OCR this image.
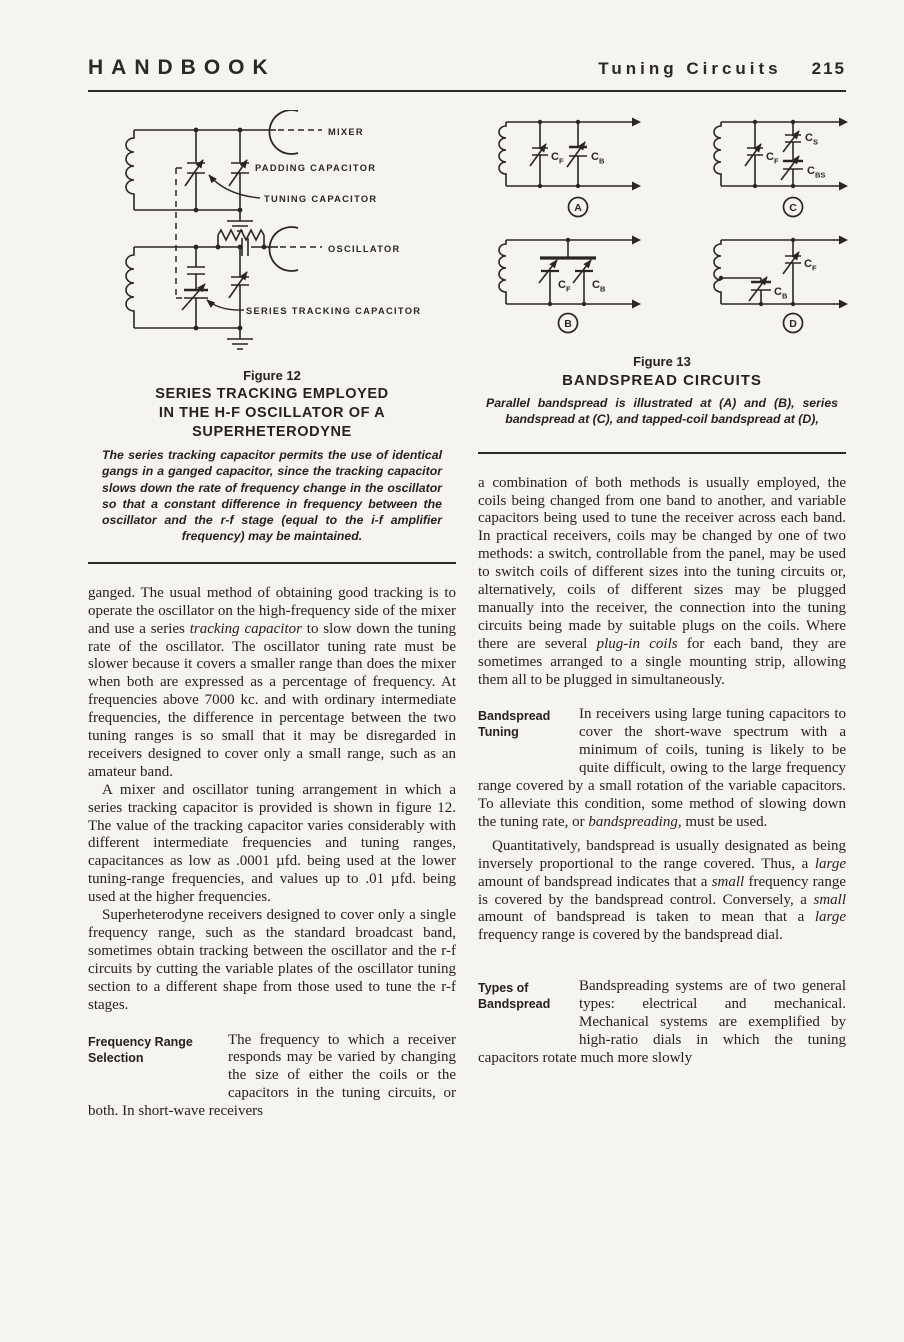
HANDBOOK	Tuning Circuits 215
MIXER
PADDING CAPACITOR
TUNING CAPACITOR
OSCILLATOR
SERIES TRACKING CAPACITOR
Figure 12
SERIES TRACKING EMPLOYED
IN THE H-F OSCILLATOR OF A
SUPERHETERODYNE

The series tracking capacitor permits the use of identical gangs in a ganged capacitor, since the tracking capacitor slows down the rate of frequency change in the oscillator so that a constant difference in frequency between the oscillator and the r-f stage (equal to the i-f amplifier frequency) may be maintained.

ganged. The usual method of obtaining good tracking is to operate the oscillator on the high-frequency side of the mixer and use a series tracking capacitor to slow down the tuning rate of the oscillator. The oscillator tuning rate must be slower because it covers a smaller range than does the mixer when both are expressed as a percentage of frequency. At frequencies above 7000 kc. and with ordinary intermediate frequencies, the difference in percentage between the two tuning ranges is so small that it may be disregarded in receivers designed to cover only a small range, such as an amateur band.

A mixer and oscillator tuning arrangement in which a series tracking capacitor is provided is shown in figure 12. The value of the tracking capacitor varies considerably with different intermediate frequencies and tuning ranges, capacitances as low as .0001 µfd. being used at the lower tuning-range frequencies, and values up to .01 µfd. being used at the higher frequencies.

Superheterodyne receivers designed to cover only a single frequency range, such as the standard broadcast band, sometimes obtain tracking between the oscillator and the r-f circuits by cutting the variable plates of the oscillator tuning section to a different shape from those used to tune the r-f stages.

Frequency Range
Selection

The frequency to which a receiver responds may be varied by changing the size of either the coils or the capacitors in the tuning circuits, or both. In short-wave receivers

C F C B
C F C B
C F
C S
C BS
C B
C F
A
B
C
D
Figure 13
BANDSPREAD CIRCUITS

Parallel bandspread is illustrated at (A) and (B), series bandspread at (C), and tapped-coil bandspread at (D),

a combination of both methods is usually employed, the coils being changed from one band to another, and variable capacitors being used to tune the receiver across each band. In practical receivers, coils may be changed by one of two methods: a switch, controllable from the panel, may be used to switch coils of different sizes into the tuning circuits or, alternatively, coils of different sizes may be plugged manually into the receiver, the connection into the tuning circuits being made by suitable plugs on the coils. Where there are several plug-in coils for each band, they are sometimes arranged to a single mounting strip, allowing them all to be plugged in simultaneously.

Bandspread
Tuning

In receivers using large tuning capacitors to cover the short-wave spectrum with a minimum of coils, tuning is likely to be quite difficult, owing to the large frequency range covered by a small rotation of the variable capacitors. To alleviate this condition, some method of slowing down the tuning rate, or bandspreading, must be used.

Quantitatively, bandspread is usually designated as being inversely proportional to the range covered. Thus, a large amount of bandspread indicates that a small frequency range is covered by the bandspread control. Conversely, a small amount of bandspread is taken to mean that a large frequency range is covered by the bandspread dial.

Types of
Bandspread

Bandspreading systems are of two general types: electrical and mechanical. Mechanical systems are exemplified by high-ratio dials in which the tuning capacitors rotate much more slowly
